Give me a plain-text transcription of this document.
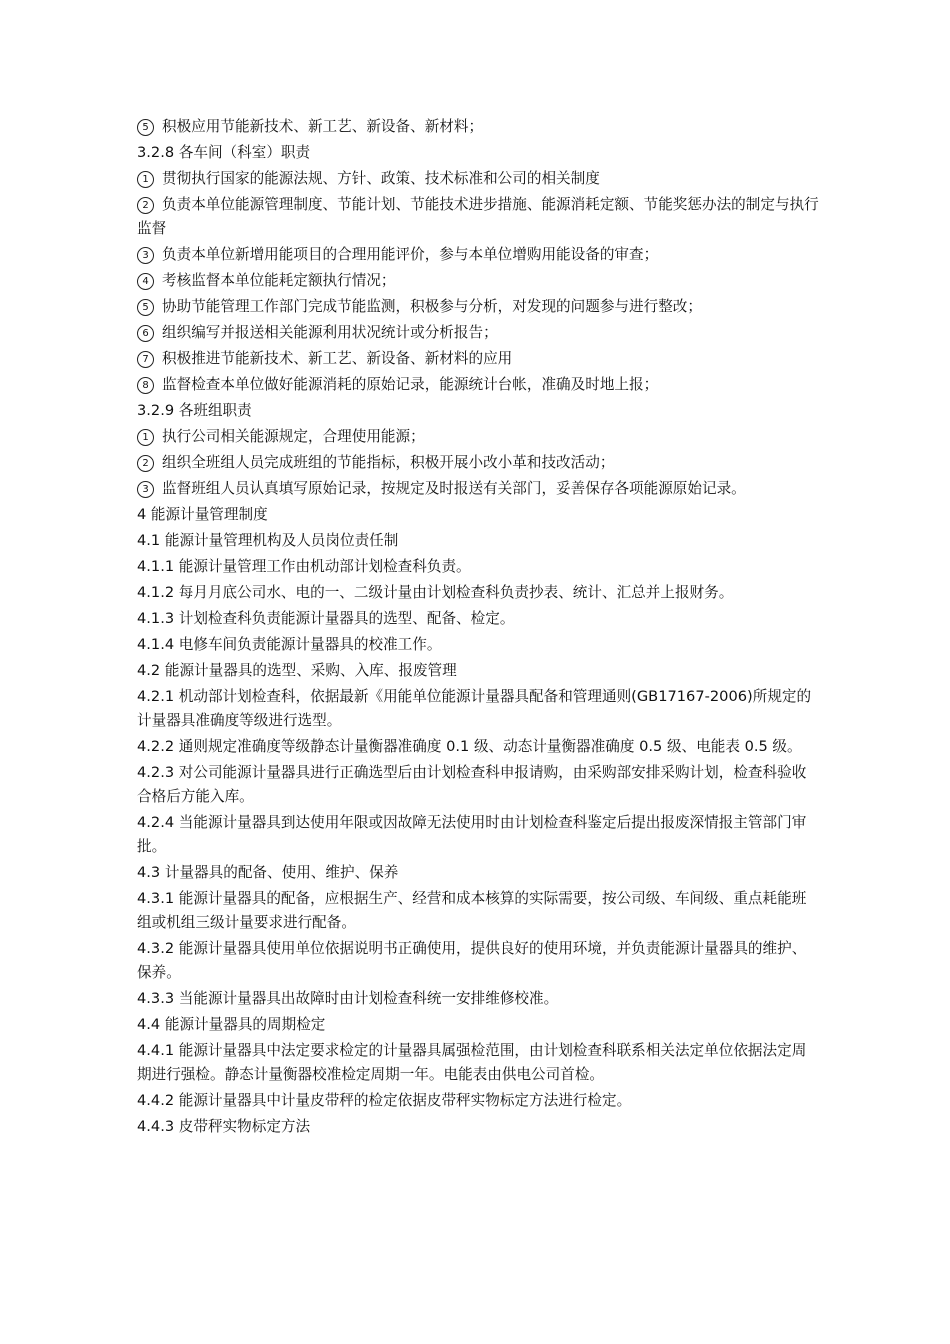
5 积极应用节能新技术、新工艺、新设备、新材料；

3.2.8 各车间（科室）职责

1 贯彻执行国家的能源法规、方针、政策、技术标准和公司的相关制度

2 负责本单位能源管理制度、节能计划、节能技术进步措施、能源消耗定额、节能奖惩办法的制定与执行监督

3 负责本单位新增用能项目的合理用能评价，参与本单位增购用能设备的审查；

4 考核监督本单位能耗定额执行情况；

5 协助节能管理工作部门完成节能监测，积极参与分析，对发现的问题参与进行整改；

6 组织编写并报送相关能源利用状况统计或分析报告；

7 积极推进节能新技术、新工艺、新设备、新材料的应用

8 监督检查本单位做好能源消耗的原始记录，能源统计台帐，准确及时地上报；

3.2.9 各班组职责

1 执行公司相关能源规定，合理使用能源；

2 组织全班组人员完成班组的节能指标，积极开展小改小革和技改活动；

3 监督班组人员认真填写原始记录，按规定及时报送有关部门，妥善保存各项能源原始记录。

4 能源计量管理制度

4.1 能源计量管理机构及人员岗位责任制

4.1.1 能源计量管理工作由机动部计划检查科负责。

4.1.2 每月月底公司水、电的一、二级计量由计划检查科负责抄表、统计、汇总并上报财务。

4.1.3 计划检查科负责能源计量器具的选型、配备、检定。

4.1.4 电修车间负责能源计量器具的校准工作。

4.2 能源计量器具的选型、采购、入库、报废管理

4.2.1 机动部计划检查科，依据最新《用能单位能源计量器具配备和管理通则(GB17167-2006)所规定的计量器具准确度等级进行选型。

4.2.2 通则规定准确度等级静态计量衡器准确度 0.1 级、动态计量衡器准确度 0.5 级、电能表 0.5 级。

4.2.3 对公司能源计量器具进行正确选型后由计划检查科申报请购，由采购部安排采购计划，检查科验收合格后方能入库。

4.2.4 当能源计量器具到达使用年限或因故障无法使用时由计划检查科鉴定后提出报废深情报主管部门审批。

4.3 计量器具的配备、使用、维护、保养

4.3.1 能源计量器具的配备，应根据生产、经营和成本核算的实际需要，按公司级、车间级、重点耗能班组或机组三级计量要求进行配备。

4.3.2 能源计量器具使用单位依据说明书正确使用，提供良好的使用环境，并负责能源计量器具的维护、保养。

4.3.3 当能源计量器具出故障时由计划检查科统一安排维修校准。

4.4 能源计量器具的周期检定

4.4.1 能源计量器具中法定要求检定的计量器具属强检范围，由计划检查科联系相关法定单位依据法定周期进行强检。静态计量衡器校准检定周期一年。电能表由供电公司首检。

4.4.2 能源计量器具中计量皮带秤的检定依据皮带秤实物标定方法进行检定。

4.4.3 皮带秤实物标定方法
